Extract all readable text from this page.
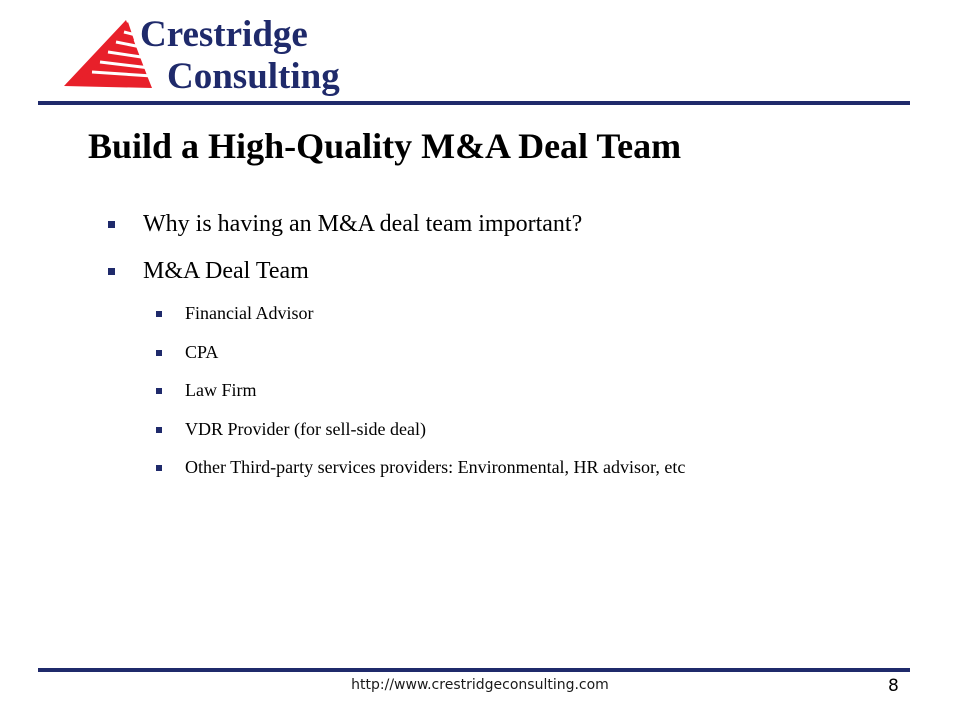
Crestridge
Consulting
Build a High-Quality M&A Deal Team
Why is having an M&A deal team important?
M&A Deal Team
Financial Advisor
CPA
Law Firm
VDR Provider (for sell-side deal)
Other Third-party services providers: Environmental, HR advisor, etc
http://www.crestridgeconsulting.com	8
